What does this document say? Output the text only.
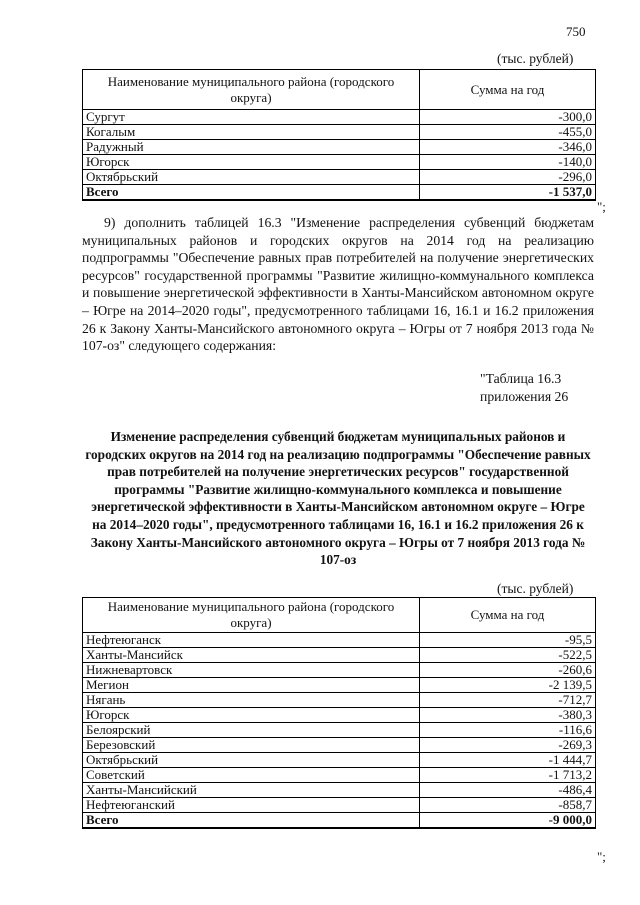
750
(тыс. рублей)
Наименование муниципального района (городского округа)	Сумма на год
Сургут	-300,0
Когалым	-455,0
Радужный	-346,0
Югорск	-140,0
Октябрьский	-296,0
Всего	-1 537,0
";

9) дополнить таблицей 16.3 "Изменение распределения субвенций бюджетам муниципальных районов и городских округов на 2014 год на реализацию подпрограммы "Обеспечение равных прав потребителей на получение энергетических ресурсов" государственной программы "Развитие жилищно-коммунального комплекса и повышение энергетической эффективности в Ханты-Мансийском автономном округе – Югре на 2014–2020 годы", предусмотренного таблицами 16, 16.1 и 16.2 приложения 26 к Закону Ханты-Мансийского автономного округа – Югры от 7 ноября 2013 года № 107-оз" следующего содержания:

"Таблица 16.3
приложения 26

Изменение распределения субвенций бюджетам муниципальных районов и городских округов на 2014 год на реализацию подпрограммы "Обеспечение равных прав потребителей на получение энергетических ресурсов" государственной программы "Развитие жилищно-коммунального комплекса и повышение энергетической эффективности в Ханты-Мансийском автономном округе – Югре на 2014–2020 годы", предусмотренного таблицами 16, 16.1 и 16.2 приложения 26 к Закону Ханты-Мансийского автономного округа – Югры от 7 ноября 2013 года № 107-оз

(тыс. рублей)
Наименование муниципального района (городского округа)	Сумма на год
Нефтеюганск	-95,5
Ханты-Мансийск	-522,5
Нижневартовск	-260,6
Мегион	-2 139,5
Нягань	-712,7
Югорск	-380,3
Белоярский	-116,6
Березовский	-269,3
Октябрьский	-1 444,7
Советский	-1 713,2
Ханты-Мансийский	-486,4
Нефтеюганский	-858,7
Всего	-9 000,0
";
